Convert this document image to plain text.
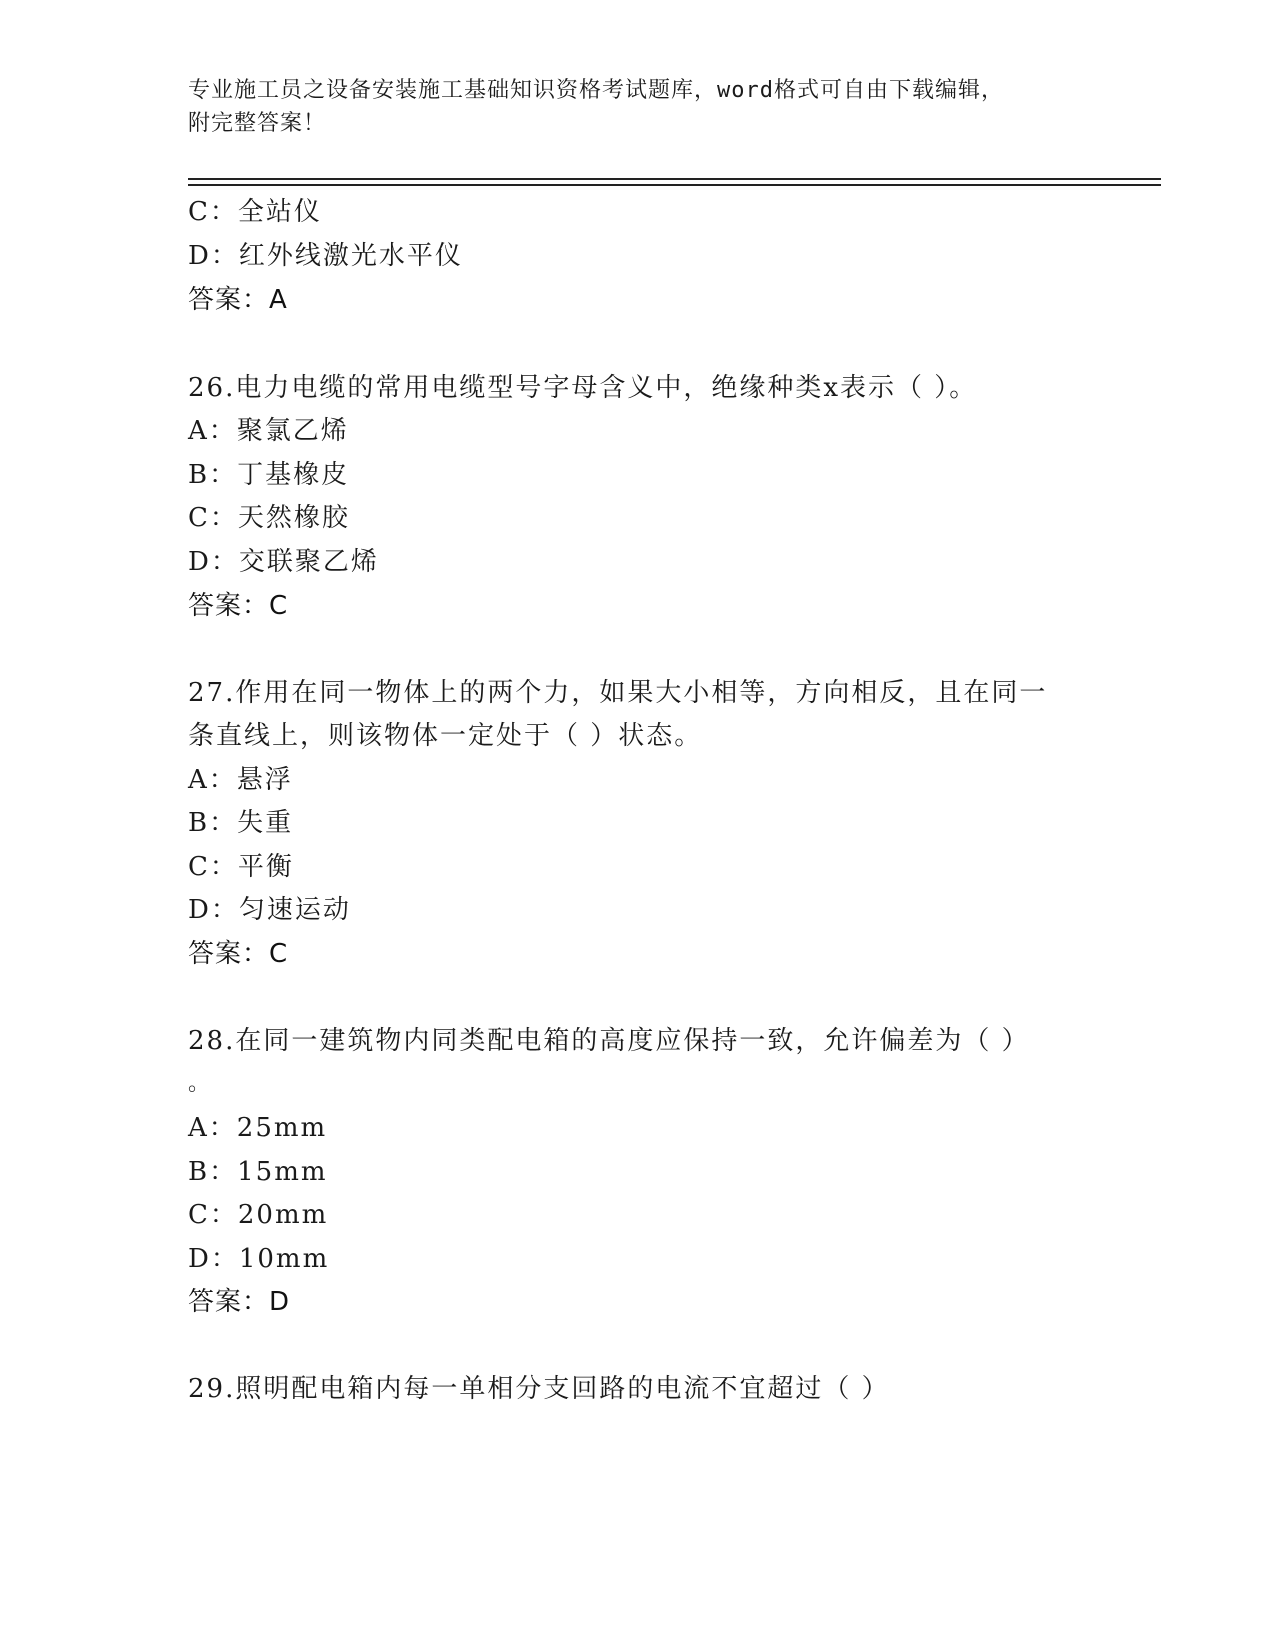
专业施工员之设备安装施工基础知识资格考试题库，word格式可自由下载编辑，
附完整答案！
C：全站仪
D：红外线激光水平仪
答案：A
26.电力电缆的常用电缆型号字母含义中，绝缘种类x表示（ ）。
A：聚氯乙烯
B：丁基橡皮
C：天然橡胶
D：交联聚乙烯
答案：C
27.作用在同一物体上的两个力，如果大小相等，方向相反，且在同一
条直线上，则该物体一定处于（ ）状态。
A：悬浮
B：失重
C：平衡
D：匀速运动
答案：C
28.在同一建筑物内同类配电箱的高度应保持一致，允许偏差为（ ）
。
A：25mm
B：15mm
C：20mm
D：10mm
答案：D
29.照明配电箱内每一单相分支回路的电流不宜超过（ ）
